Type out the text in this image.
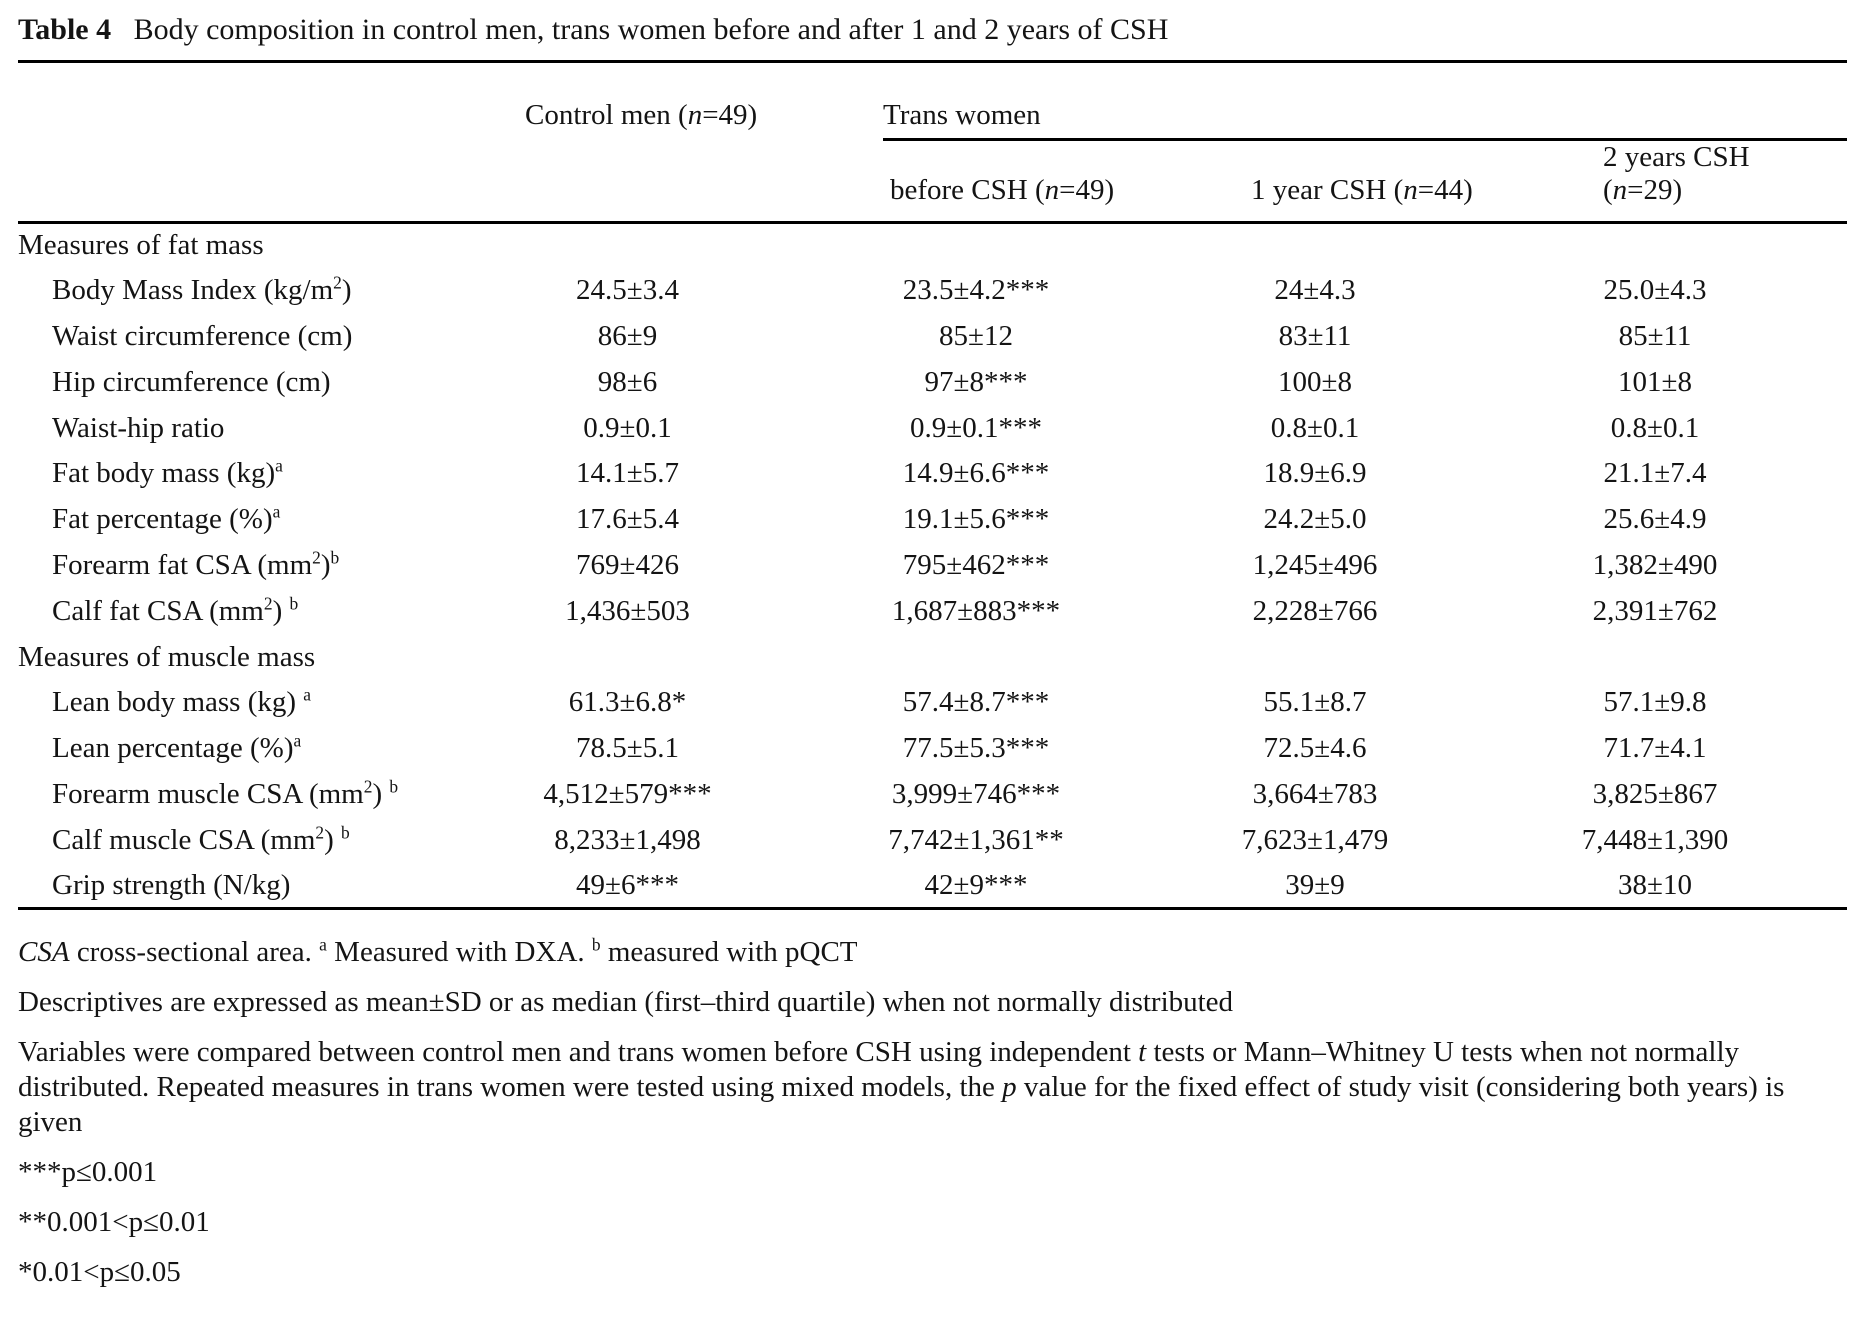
Table 4  Body composition in control men, trans women before and after 1 and 2 years of CSH
	Control men (n=49)	Trans women			

		before CSH (n=49)	1 year CSH (n=44)	2 years CSH (n=29)	
Measures of fat mass					
Body Mass Index $(kg/m^2)$	24.5±3.4	23.5±4.2***	24±4.3	25.0±4.3	
Waist circumference (cm)	86±9	85±12	83±11	85±11	
Hip circumference (cm)	98±6	97±8***	100±8	101±8	
Waist-hip ratio	0.9±0.1	0.9±0.1***	0.8±0.1	0.8±0.1	
Fat body mass (kg)$^a$	14.1±5.7	14.9±6.6***	18.9±6.9	21.1±7.4	
Fat percentage (%)$^a$	17.6±5.4	19.1±5.6***	24.2±5.0	25.6±4.9	
Forearm fat CSA $(mm^2)^b$	769±426	795±462***	1,245±496	1,382±490	
Calf fat CSA $(mm^2)$ $^b$	1,436±503	1,687±883***	2,228±766	2,391±762	
Measures of muscle mass					
Lean body mass (kg) $^a$	61.3±6.8*	57.4±8.7***	55.1±8.7	57.1±9.8	
Lean percentage (%)$^a$	78.5±5.1	77.5±5.3***	72.5±4.6	71.7±4.1	
Forearm muscle CSA $(mm^2)$ $^b$	4,512±579***	3,999±746***	3,664±783	3,825±867	
Calf muscle CSA $(mm^2)$ $^b$	8,233±1,498	7,742±1,361**	7,623±1,479	7,448±1,390	
Grip strength (N/kg)	49±6***	42±9***	39±9	38±10	

CSA cross-sectional area. $^a$ Measured with DXA. $^b$ measured with pQCT

Descriptives are expressed as mean±SD or as median (first–third quartile) when not normally distributed

Variables were compared between control men and trans women before CSH using independent t tests or Mann–Whitney U tests when not normally distributed. Repeated measures in trans women were tested using mixed models, the p value for the fixed effect of study visit (considering both years) is given

***p≤0.001

**0.001<p≤0.01

*0.01<p≤0.05
